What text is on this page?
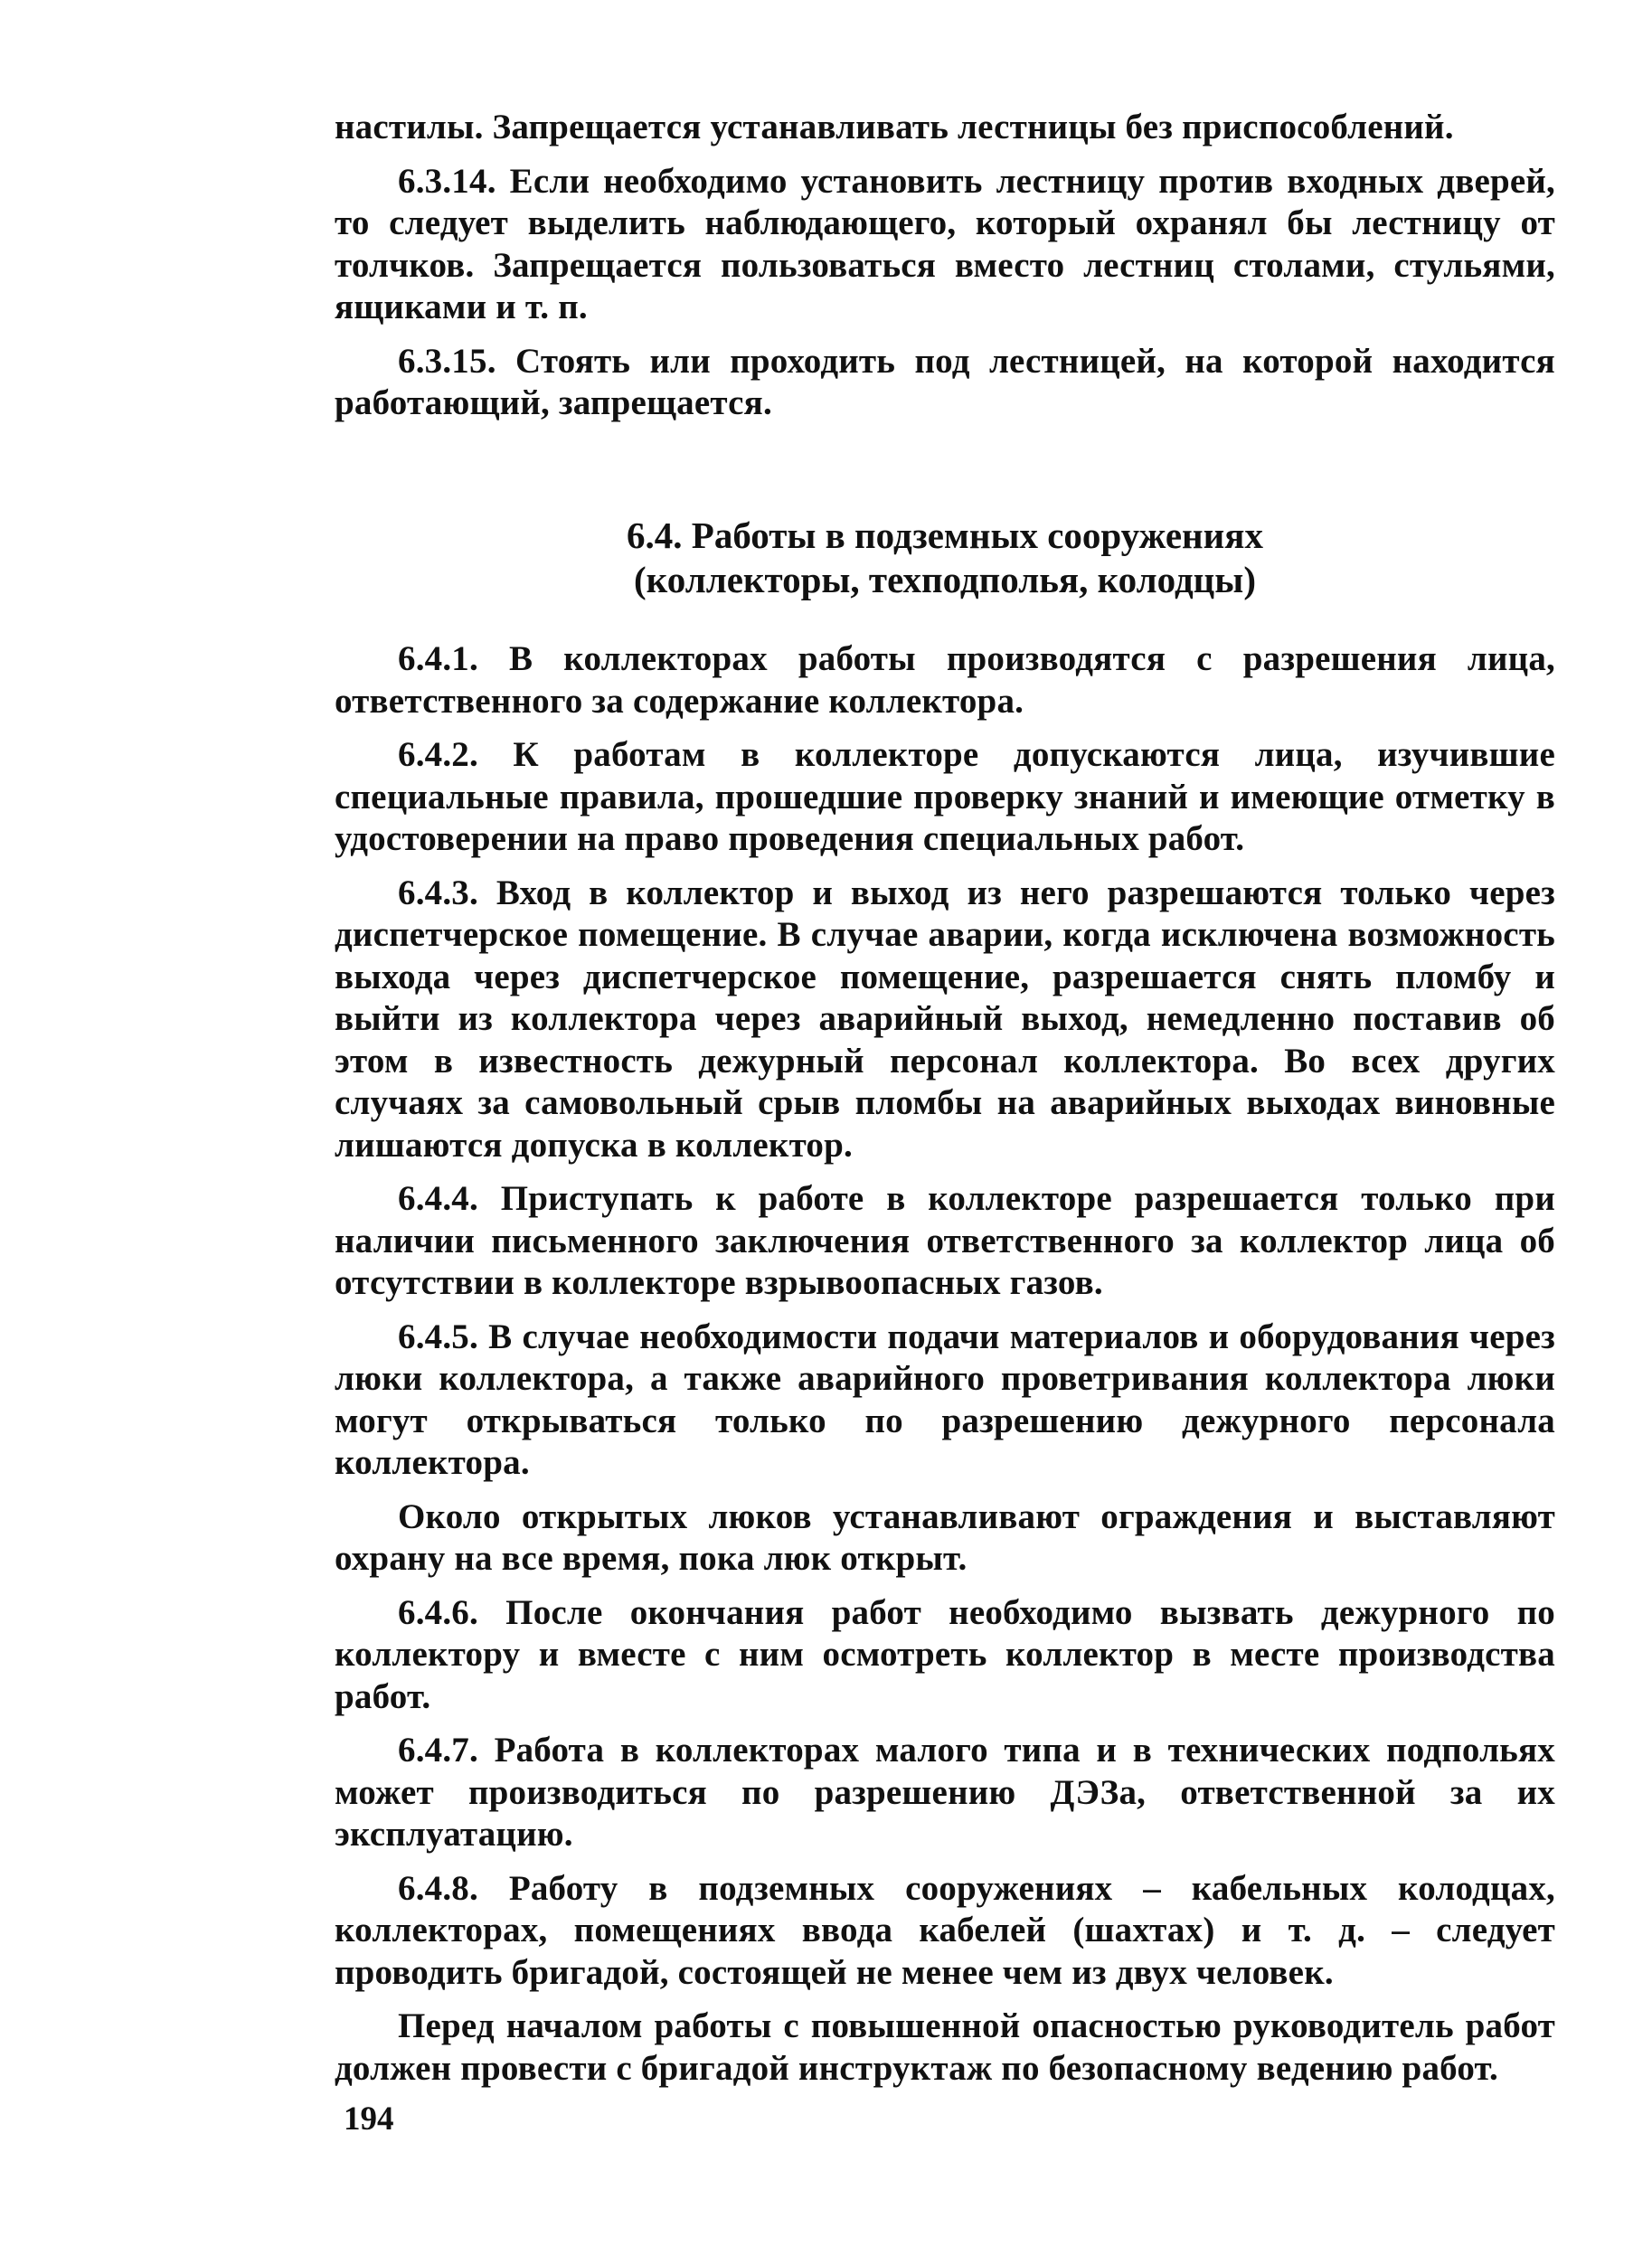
настилы. Запрещается устанавливать лестницы без приспособлений.

6.3.14. Если необходимо установить лестницу против входных дверей, то следует выделить наблюдающего, который охранял бы лестницу от толчков. Запрещается пользоваться вместо лестниц столами, стульями, ящиками и т. п.

6.3.15. Стоять или проходить под лестницей, на которой находится работающий, запрещается.

6.4. Работы в подземных сооружениях
(коллекторы, техподполья, колодцы)

6.4.1. В коллекторах работы производятся с разрешения лица, ответственного за содержание коллектора.

6.4.2. К работам в коллекторе допускаются лица, изучившие специальные правила, прошедшие проверку знаний и имеющие отметку в удостоверении на право проведения специальных работ.

6.4.3. Вход в коллектор и выход из него разрешаются только через диспетчерское помещение. В случае аварии, когда исключена возможность выхода через диспетчерское помещение, разрешается снять пломбу и выйти из коллектора через аварийный выход, немедленно поставив об этом в известность дежурный персонал коллектора. Во всех других случаях за самовольный срыв пломбы на аварийных выходах виновные лишаются допуска в коллектор.

6.4.4. Приступать к работе в коллекторе разрешается только при наличии письменного заключения ответственного за коллектор лица об отсутствии в коллекторе взрывоопасных газов.

6.4.5. В случае необходимости подачи материалов и оборудования через люки коллектора, а также аварийного проветривания коллектора люки могут открываться только по разрешению дежурного персонала коллектора.

Около открытых люков устанавливают ограждения и выставляют охрану на все время, пока люк открыт.

6.4.6. После окончания работ необходимо вызвать дежурного по коллектору и вместе с ним осмотреть коллектор в месте производства работ.

6.4.7. Работа в коллекторах малого типа и в технических подпольях может производиться по разрешению ДЭЗа, ответственной за их эксплуатацию.

6.4.8. Работу в подземных сооружениях – кабельных колодцах, коллекторах, помещениях ввода кабелей (шахтах) и т. д. – следует проводить бригадой, состоящей не менее чем из двух человек.

Перед началом работы с повышенной опасностью руководитель работ должен провести с бригадой инструктаж по безопасному ведению работ.

194
